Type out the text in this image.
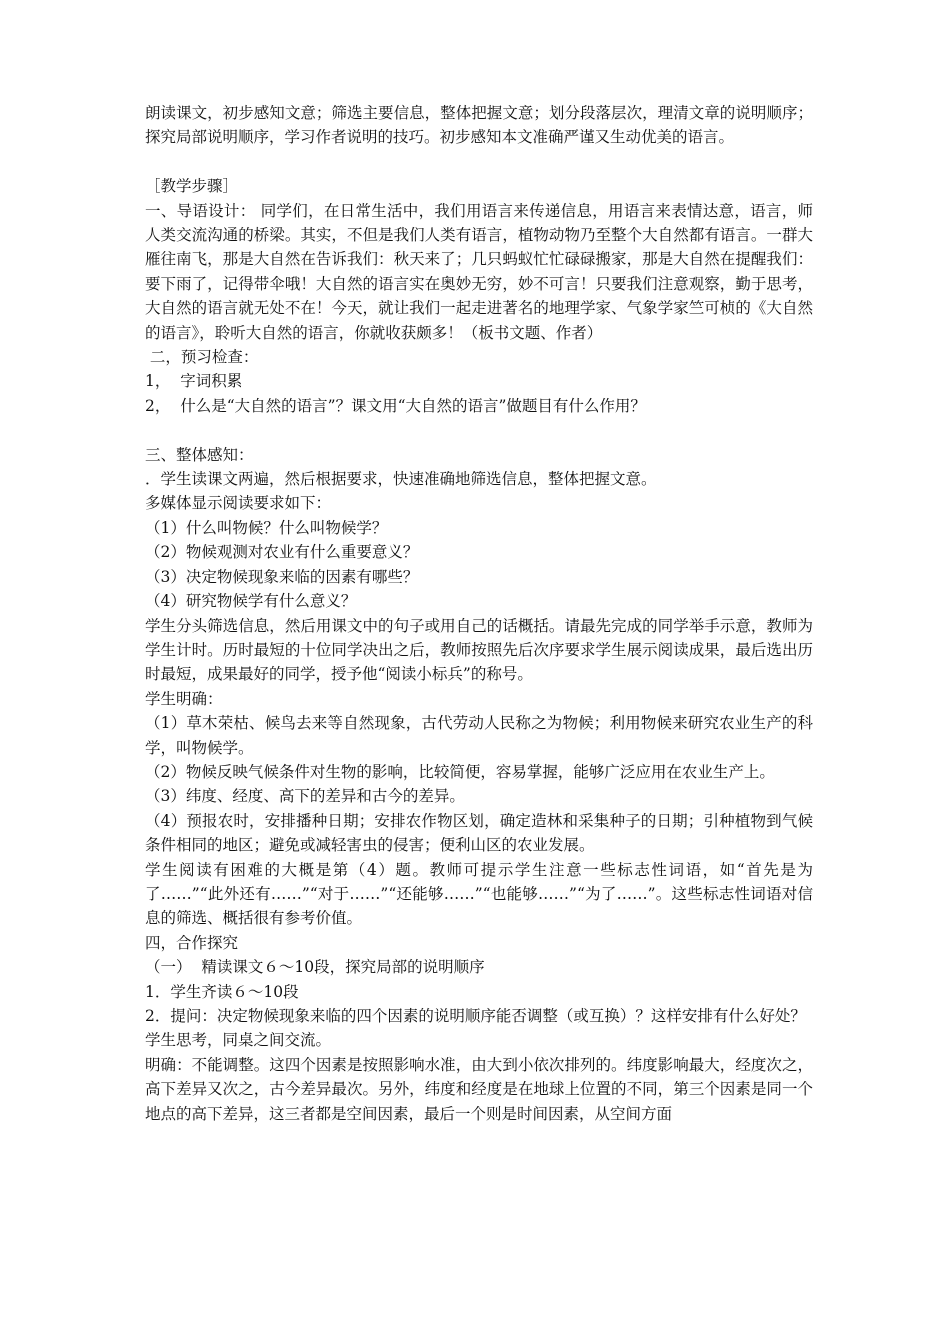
朗读课文，初步感知文意；筛选主要信息，整体把握文意；划分段落层次，理清文章的说明顺序；探究局部说明顺序，学习作者说明的技巧。初步感知本文准确严谨又生动优美的语言。

［教学步骤］

一、导语设计： 同学们，在日常生活中，我们用语言来传递信息，用语言来表情达意，语言，师人类交流沟通的桥梁。其实，不但是我们人类有语言，植物动物乃至整个大自然都有语言。一群大雁往南飞，那是大自然在告诉我们：秋天来了；几只蚂蚁忙忙碌碌搬家，那是大自然在提醒我们：要下雨了，记得带伞哦！大自然的语言实在奥妙无穷，妙不可言！只要我们注意观察，勤于思考，大自然的语言就无处不在！今天，就让我们一起走进著名的地理学家、气象学家竺可桢的《大自然的语言》，聆听大自然的语言，你就收获颇多！（板书文题、作者）

二，预习检查：

1，  字词积累

2，  什么是“大自然的语言”？课文用“大自然的语言”做题目有什么作用？

三、整体感知：

．学生读课文两遍，然后根据要求，快速准确地筛选信息，整体把握文意。

多媒体显示阅读要求如下：

（1）什么叫物候？什么叫物候学？

（2）物候观测对农业有什么重要意义？

（3）决定物候现象来临的因素有哪些？

（4）研究物候学有什么意义？

学生分头筛选信息，然后用课文中的句子或用自己的话概括。请最先完成的同学举手示意，教师为学生计时。历时最短的十位同学决出之后，教师按照先后次序要求学生展示阅读成果，最后选出历时最短，成果最好的同学，授予他“阅读小标兵”的称号。

学生明确：

（1）草木荣枯、候鸟去来等自然现象，古代劳动人民称之为物候；利用物候来研究农业生产的科学，叫物候学。

（2）物候反映气候条件对生物的影响，比较简便，容易掌握，能够广泛应用在农业生产上。

（3）纬度、经度、高下的差异和古今的差异。

（4）预报农时，安排播种日期；安排农作物区划，确定造林和采集种子的日期；引种植物到气候条件相同的地区；避免或减轻害虫的侵害；便利山区的农业发展。

学生阅读有困难的大概是第（4）题。教师可提示学生注意一些标志性词语，如“首先是为了……”“此外还有……”“对于……”“还能够……”“也能够……”“为了……”。这些标志性词语对信息的筛选、概括很有参考价值。

四，合作探究

（一）  精读课文６～10段，探究局部的说明顺序

1．学生齐读６～10段

2．提问：决定物候现象来临的四个因素的说明顺序能否调整（或互换）？这样安排有什么好处？

学生思考，同桌之间交流。

明确：不能调整。这四个因素是按照影响水准，由大到小依次排列的。纬度影响最大，经度次之，高下差异又次之，古今差异最次。另外，纬度和经度是在地球上位置的不同，第三个因素是同一个地点的高下差异，这三者都是空间因素，最后一个则是时间因素，从空间方面
